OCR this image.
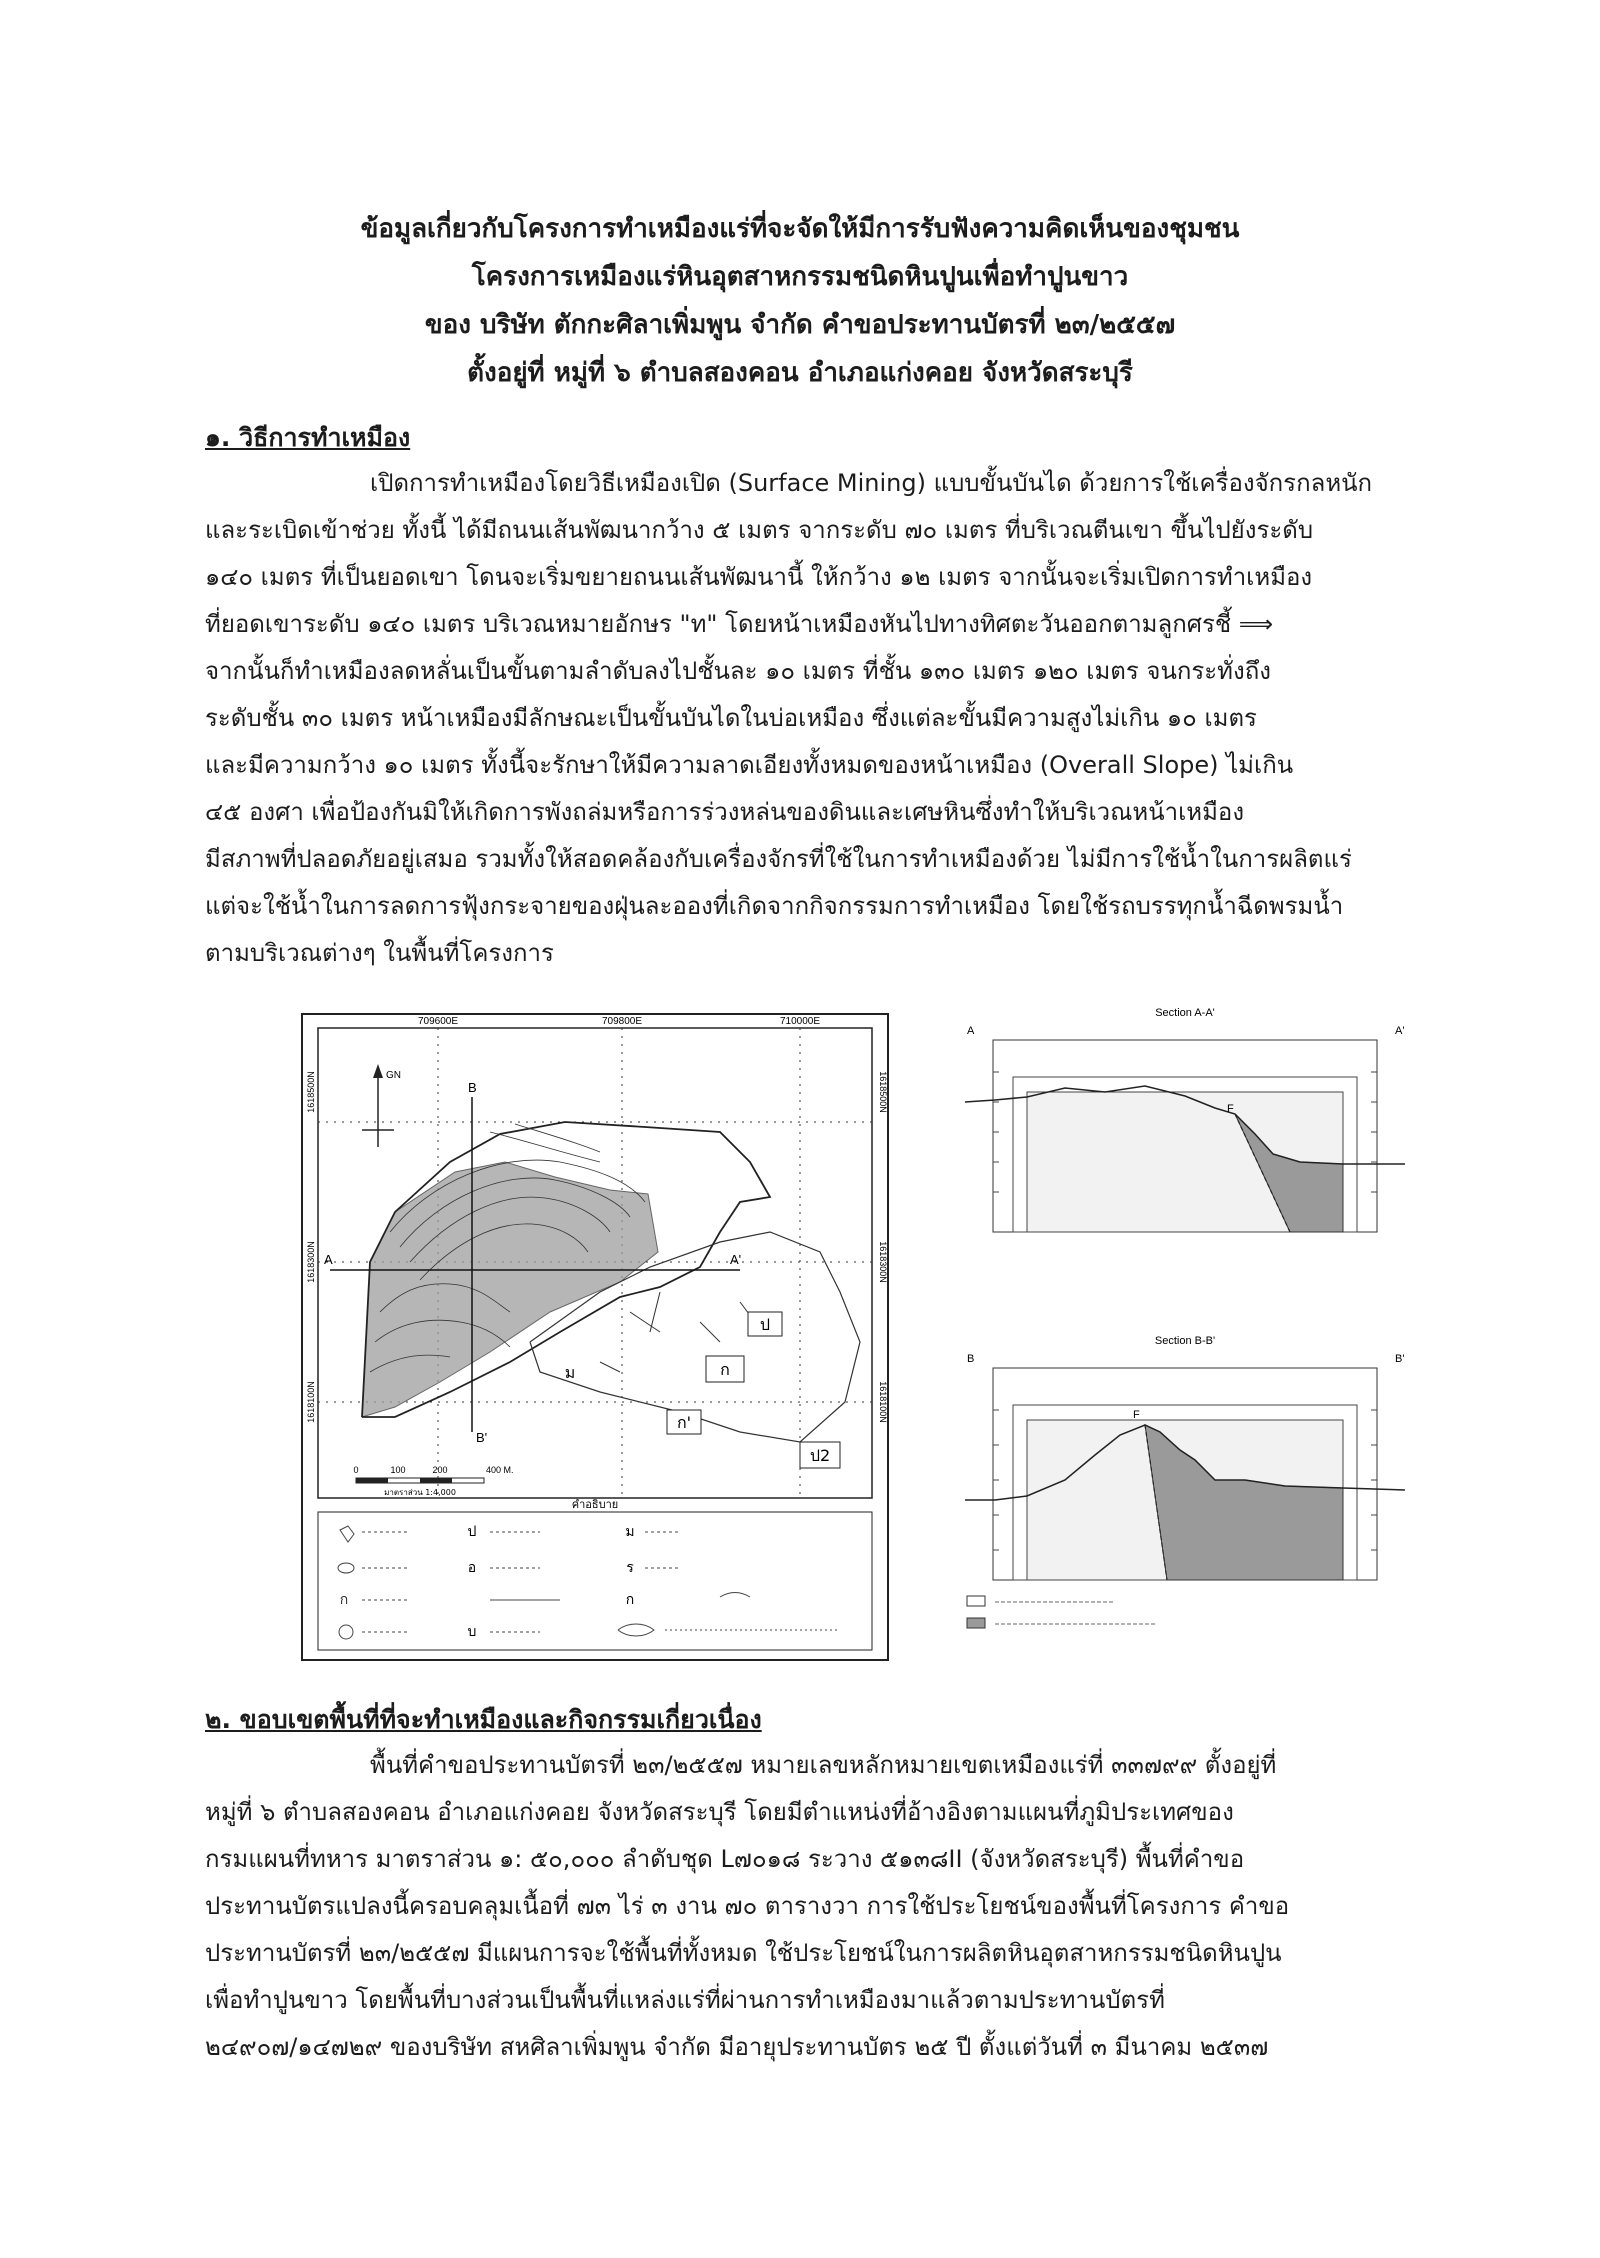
ข้อมูลเกี่ยวกับโครงการทำเหมืองแร่ที่จะจัดให้มีการรับฟังความคิดเห็นของชุมชน
โครงการเหมืองแร่หินอุตสาหกรรมชนิดหินปูนเพื่อทำปูนขาว
ของ บริษัท ตักกะศิลาเพิ่มพูน จำกัด คำขอประทานบัตรที่ ๒๓/๒๕๕๗
ตั้งอยู่ที่ หมู่ที่ ๖ ตำบลสองคอน อำเภอแก่งคอย จังหวัดสระบุรี
๑. วิธีการทำเหมือง
เปิดการทำเหมืองโดยวิธีเหมืองเปิด (Surface Mining) แบบขั้นบันได ด้วยการใช้เครื่องจักรกลหนัก
และระเบิดเข้าช่วย ทั้งนี้ ได้มีถนนเส้นพัฒนากว้าง ๕ เมตร จากระดับ ๗๐ เมตร ที่บริเวณตีนเขา ขึ้นไปยังระดับ
๑๔๐ เมตร ที่เป็นยอดเขา โดนจะเริ่มขยายถนนเส้นพัฒนานี้ ให้กว้าง ๑๒ เมตร จากนั้นจะเริ่มเปิดการทำเหมือง
ที่ยอดเขาระดับ ๑๔๐ เมตร บริเวณหมายอักษร "ท" โดยหน้าเหมืองหันไปทางทิศตะวันออกตามลูกศรชี้ ⟹
จากนั้นก็ทำเหมืองลดหลั่นเป็นขั้นตามลำดับลงไปชั้นละ ๑๐ เมตร ที่ชั้น ๑๓๐ เมตร ๑๒๐ เมตร จนกระทั่งถึง
ระดับชั้น ๓๐ เมตร หน้าเหมืองมีลักษณะเป็นขั้นบันไดในบ่อเหมือง ซึ่งแต่ละขั้นมีความสูงไม่เกิน ๑๐ เมตร
และมีความกว้าง ๑๐ เมตร ทั้งนี้จะรักษาให้มีความลาดเอียงทั้งหมดของหน้าเหมือง (Overall Slope) ไม่เกิน
๔๕ องศา เพื่อป้องกันมิให้เกิดการพังถล่มหรือการร่วงหล่นของดินและเศษหินซึ่งทำให้บริเวณหน้าเหมือง
มีสภาพที่ปลอดภัยอยู่เสมอ รวมทั้งให้สอดคล้องกับเครื่องจักรที่ใช้ในการทำเหมืองด้วย ไม่มีการใช้น้ำในการผลิตแร่
แต่จะใช้น้ำในการลดการฟุ้งกระจายของฝุ่นละอองที่เกิดจากกิจกรรมการทำเหมือง โดยใช้รถบรรทุกน้ำฉีดพรมน้ำ
ตามบริเวณต่างๆ ในพื้นที่โครงการ
709600E	709800E	710000E
1618500N
1618300N
1618100N
1618500N
1618300N
1618100N
GN
A	A'
B
B'
ป
ก
ม
ก'
ป2
0	100	200	400 M.
มาตราส่วน 1:4,000
คำอธิบาย
ก
ป	ม
อ	ร
ก
บ
Section A-A'
A	A'
F
Section B-B'
B	B'
F
๒. ขอบเขตพื้นที่ที่จะทำเหมืองและกิจกรรมเกี่ยวเนื่อง
พื้นที่คำขอประทานบัตรที่ ๒๓/๒๕๕๗ หมายเลขหลักหมายเขตเหมืองแร่ที่ ๓๓๗๙๙ ตั้งอยู่ที่
หมู่ที่ ๖ ตำบลสองคอน อำเภอแก่งคอย จังหวัดสระบุรี โดยมีตำแหน่งที่อ้างอิงตามแผนที่ภูมิประเทศของ
กรมแผนที่ทหาร มาตราส่วน ๑: ๕๐,๐๐๐ ลำดับชุด L๗๐๑๘ ระวาง ๕๑๓๘II (จังหวัดสระบุรี) พื้นที่คำขอ
ประทานบัตรแปลงนี้ครอบคลุมเนื้อที่ ๗๓ ไร่ ๓ งาน ๗๐ ตารางวา การใช้ประโยชน์ของพื้นที่โครงการ คำขอ
ประทานบัตรที่ ๒๓/๒๕๕๗ มีแผนการจะใช้พื้นที่ทั้งหมด ใช้ประโยชน์ในการผลิตหินอุตสาหกรรมชนิดหินปูน
เพื่อทำปูนขาว โดยพื้นที่บางส่วนเป็นพื้นที่แหล่งแร่ที่ผ่านการทำเหมืองมาแล้วตามประทานบัตรที่
๒๔๙๐๗/๑๔๗๒๙ ของบริษัท สหศิลาเพิ่มพูน จำกัด มีอายุประทานบัตร ๒๕ ปี ตั้งแต่วันที่ ๓ มีนาคม ๒๕๓๗
